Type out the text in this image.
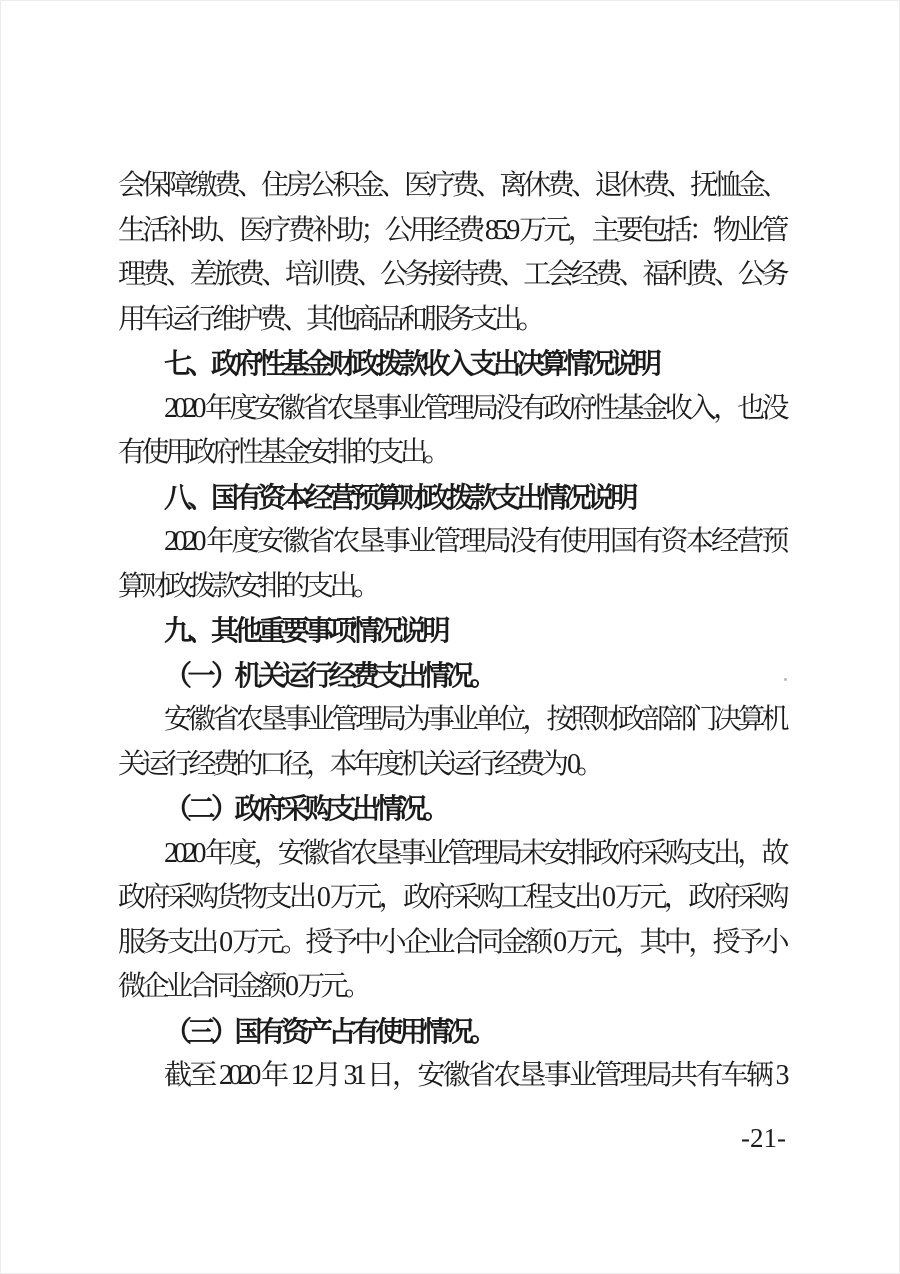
会保障缴费、住房公积金、医疗费、离休费、退休费、抚恤金、
生活补助、医疗费补助；公用经费 85.9 万元，主要包括：物业管
理费、差旅费、培训费、公务接待费、工会经费、福利费、公务
用车运行维护费、其他商品和服务支出。
七、政府性基金财政拨款收入支出决算情况说明
2020 年度安徽省农垦事业管理局没有政府性基金收入，也没
有使用政府性基金安排的支出。
八、国有资本经营预算财政拨款支出情况说明
2020 年度安徽省农垦事业管理局没有使用国有资本经营预
算财政拨款安排的支出。
九、其他重要事项情况说明
（一）机关运行经费支出情况。
安徽省农垦事业管理局为事业单位，按照财政部部门决算机
关运行经费的口径，本年度机关运行经费为 0。
（二）政府采购支出情况。
2020 年度，安徽省农垦事业管理局未安排政府采购支出，故
政府采购货物支出 0 万元，政府采购工程支出 0 万元，政府采购
服务支出 0 万元。授予中小企业合同金额 0 万元，其中，授予小
微企业合同金额 0 万元。
（三）国有资产占有使用情况。
截至 2020 年 12 月 31 日，安徽省农垦事业管理局共有车辆 3
-21-
